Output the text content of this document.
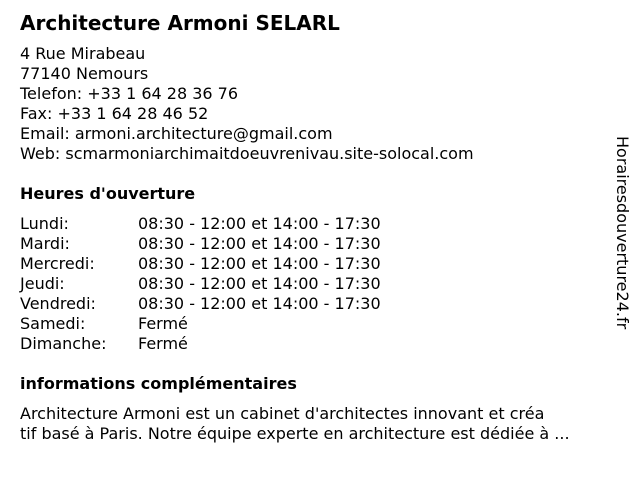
Architecture Armoni SELARL
4 Rue Mirabeau
77140 Nemours
Telefon: +33 1 64 28 36 76
Fax: +33 1 64 28 46 52
Email: armoni.architecture@gmail.com
Web: scmarmoniarchimaitdoeuvrenivau.site-solocal.com
Heures d'ouverture
Lundi:	08:30 - 12:00 et 14:00 - 17:30
Mardi:	08:30 - 12:00 et 14:00 - 17:30
Mercredi:	08:30 - 12:00 et 14:00 - 17:30
Jeudi:	08:30 - 12:00 et 14:00 - 17:30
Vendredi:	08:30 - 12:00 et 14:00 - 17:30
Samedi:	Fermé
Dimanche: Fermé
informations complémentaires
Architecture Armoni est un cabinet d'architectes innovant et créa
tif basé à Paris. Notre équipe experte en architecture est dédiée à ...
Horairesdouverture24.fr
